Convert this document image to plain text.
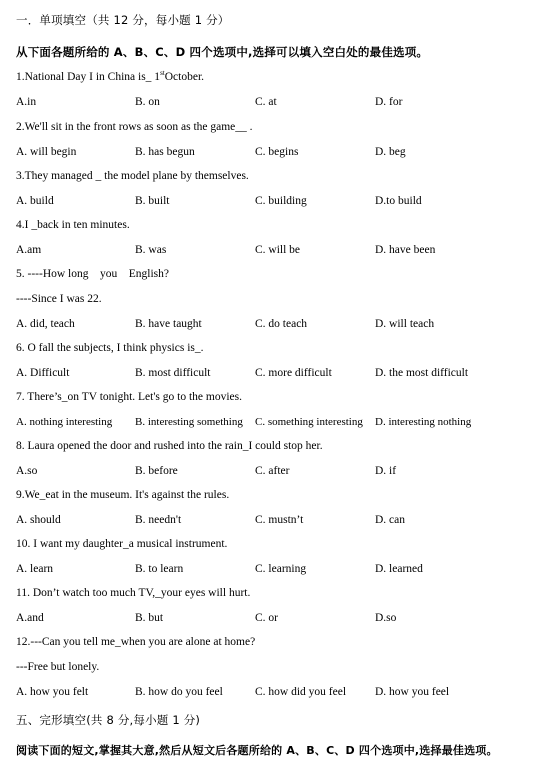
一．单项填空（共 12 分，每小题 1 分）
从下面各题所给的 A、B、C、D 四个选项中,选择可以填入空白处的最佳选项。
1.National Day I in China is_ 1stOctober.
A.in	B. on	C. at	D. for
2.We'll sit in the front rows as soon as the game__ .
A. will begin	B. has begun	C. begins	D. beg
3.They managed _ the model plane by themselves.
A. build	B. built	C. building	D.to build
4.I _back in ten minutes.
A.am	B. was	C. will be	D. have been
5. ----How long    you    English?
----Since I was 22.
A. did, teach	B. have taught	C. do teach	D. will teach
6. O fall the subjects, I think physics is_.
A. Difficult	B. most difficult	C. more difficult	D. the most difficult
7. There’s_on TV tonight. Let's go to the movies.
A. nothing interesting B. interesting something C. something interesting D. interesting nothing
8. Laura opened the door and rushed into the rain_I could stop her.
A.so	B. before	C. after	D. if
9.We_eat in the museum. It's against the rules.
A. should	B. needn't	C. mustn’t	D. can
10. I want my daughter_a musical instrument.
A. learn	B. to learn	C. learning	D. learned
11. Don’t watch too much TV,_your eyes will hurt.
A.and	B. but	C. or	D.so
12.---Can you tell me_when you are alone at home?
---Free but lonely.
A. how you felt	B. how do you feel	C. how did you feel	D. how you feel
五、完形填空(共 8 分,每小题 1 分)
阅读下面的短文,掌握其大意,然后从短文后各题所给的 A、B、C、D 四个选项中,选择最佳选项。
